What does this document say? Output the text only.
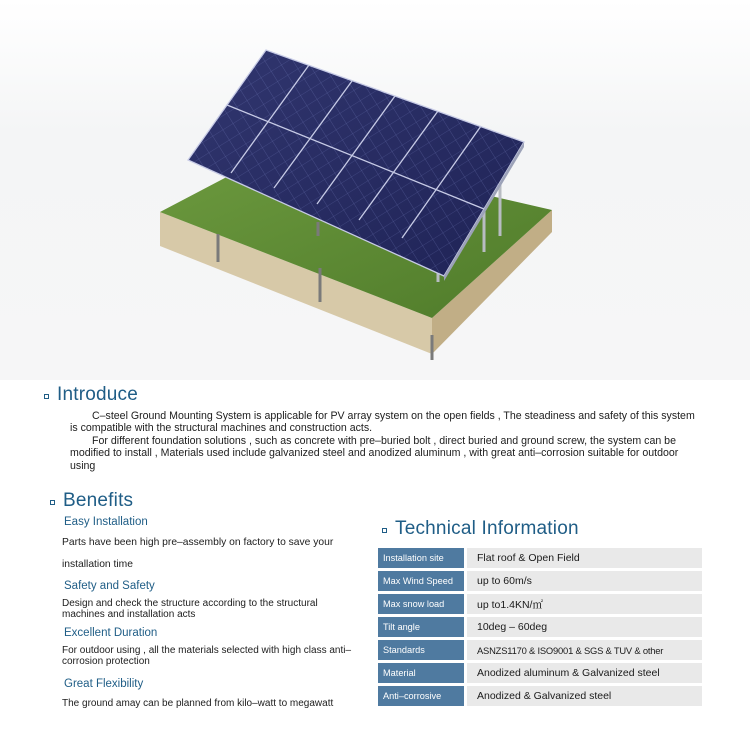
Introduce

C–steel Ground Mounting System is applicable for PV array system on the open fields , The steadiness and safety of this system is compatible with the structural machines and construction acts.

For different foundation solutions , such as concrete with pre–buried bolt , direct buried and ground screw, the system can be modified to install , Materials used include galvanized steel and anodized aluminum , with great anti–corrosion suitable for outdoor using

Benefits
Easy Installation
Parts have been high pre–assembly on factory to save your installation time
Safety and Safety
Design and check the structure according to the structural machines and installation acts
Excellent Duration
For outdoor using , all the materials selected with high class anti–corrosion protection
Great Flexibility
The ground amay can be planned from kilo–watt to megawatt
Technical Information
Installation site	Flat roof & Open Field
Max Wind Speed	up to 60m/s
Max snow load	up to1.4KN/㎡
Tilt angle	10deg – 60deg
Standards	ASNZS1170 & ISO9001 & SGS & TUV & other
Material	Anodized aluminum & Galvanized steel
Anti–corrosive	Anodized & Galvanized steel
